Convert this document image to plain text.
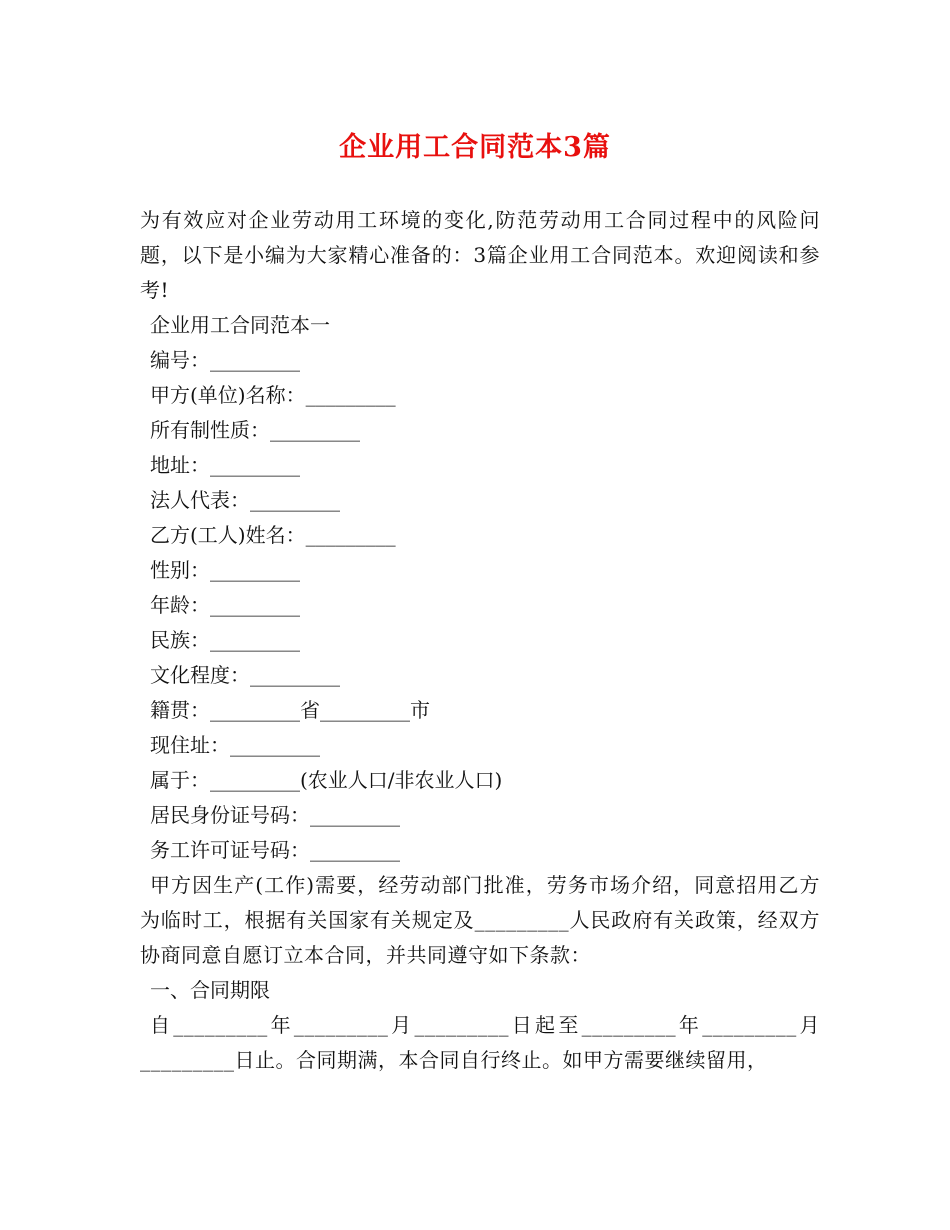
企业用工合同范本3篇

为有效应对企业劳动用工环境的变化,防范劳动用工合同过程中的风险问题，以下是小编为大家精心准备的：3篇企业用工合同范本。欢迎阅读和参考!

企业用工合同范本一

编号：_________

甲方(单位)名称：_________

所有制性质：_________

地址：_________

法人代表：_________

乙方(工人)姓名：_________

性别：_________

年龄：_________

民族：_________

文化程度：_________

籍贯：_________省_________市

现住址：_________

属于：_________(农业人口/非农业人口)

居民身份证号码：_________

务工许可证号码：_________

甲方因生产(工作)需要，经劳动部门批准，劳务市场介绍，同意招用乙方为临时工，根据有关国家有关规定及_________人民政府有关政策，经双方协商同意自愿订立本合同，并共同遵守如下条款：

一、合同期限

自_________年_________月_________日起至_________年_________月_________日止。合同期满，本合同自行终止。如甲方需要继续留用，
